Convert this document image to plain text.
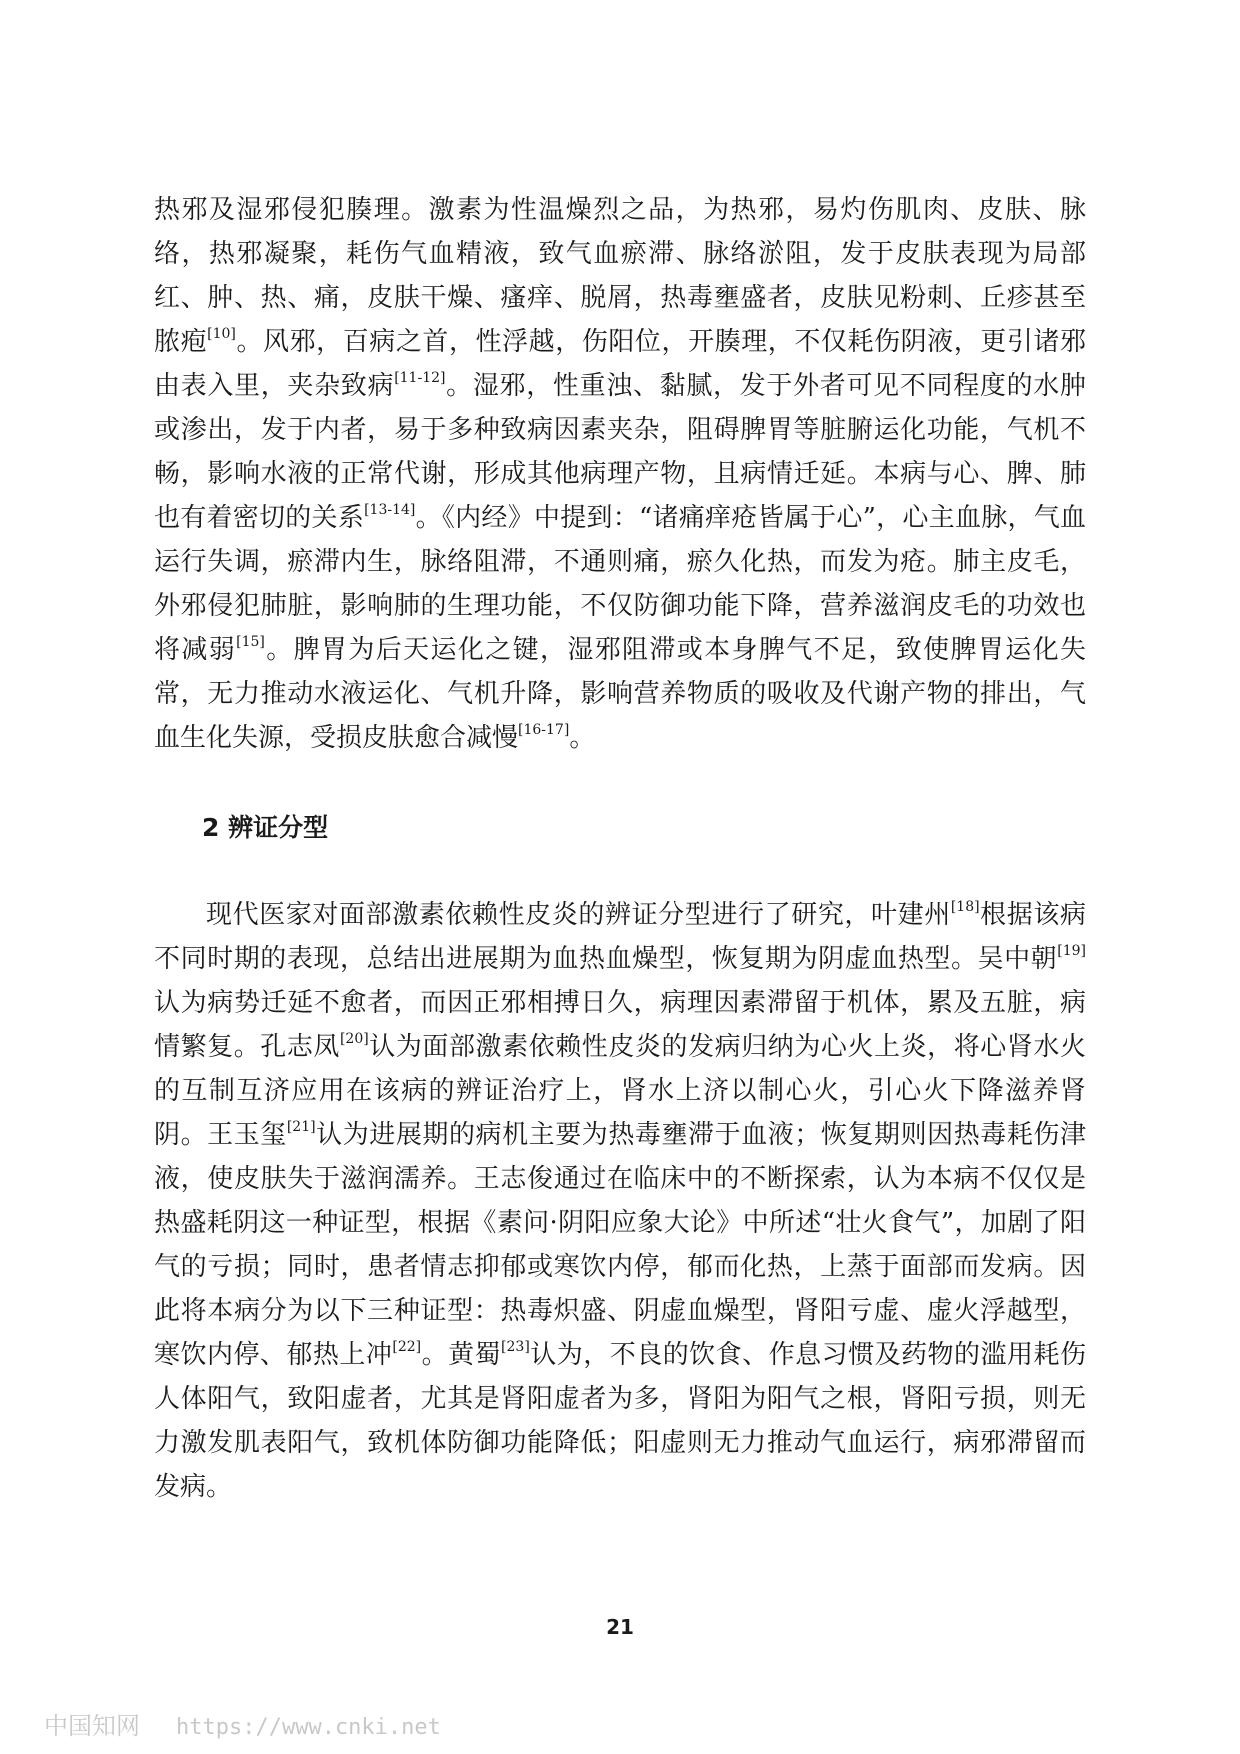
热邪及湿邪侵犯腠理。激素为性温燥烈之品，为热邪，易灼伤肌肉、皮肤、脉络，热邪凝聚，耗伤气血精液，致气血瘀滞、脉络淤阻，发于皮肤表现为局部红、肿、热、痛，皮肤干燥、瘙痒、脱屑，热毒壅盛者，皮肤见粉刺、丘疹甚至脓疱[10]。风邪，百病之首，性浮越，伤阳位，开腠理，不仅耗伤阴液，更引诸邪由表入里，夹杂致病[11-12]。湿邪，性重浊、黏腻，发于外者可见不同程度的水肿或渗出，发于内者，易于多种致病因素夹杂，阻碍脾胃等脏腑运化功能，气机不畅，影响水液的正常代谢，形成其他病理产物，且病情迁延。本病与心、脾、肺也有着密切的关系[13-14]。《内经》中提到：“诸痛痒疮皆属于心”，心主血脉，气血运行失调，瘀滞内生，脉络阻滞，不通则痛，瘀久化热，而发为疮。肺主皮毛，外邪侵犯肺脏，影响肺的生理功能，不仅防御功能下降，营养滋润皮毛的功效也将减弱[15]。脾胃为后天运化之键，湿邪阻滞或本身脾气不足，致使脾胃运化失常，无力推动水液运化、气机升降，影响营养物质的吸收及代谢产物的排出，气血生化失源，受损皮肤愈合减慢[16-17]。

2 辨证分型

现代医家对面部激素依赖性皮炎的辨证分型进行了研究，叶建州[18]根据该病不同时期的表现，总结出进展期为血热血燥型，恢复期为阴虚血热型。吴中朝[19] 认为病势迁延不愈者，而因正邪相搏日久，病理因素滞留于机体，累及五脏，病情繁复。孔志凤[20]认为面部激素依赖性皮炎的发病归纳为心火上炎，将心肾水火的互制互济应用在该病的辨证治疗上，肾水上济以制心火，引心火下降滋养肾阴。王玉玺[21]认为进展期的病机主要为热毒壅滞于血液；恢复期则因热毒耗伤津液，使皮肤失于滋润濡养。王志俊通过在临床中的不断探索，认为本病不仅仅是热盛耗阴这一种证型，根据《素问·阴阳应象大论》中所述“壮火食气”，加剧了阳气的亏损；同时，患者情志抑郁或寒饮内停，郁而化热，上蒸于面部而发病。因此将本病分为以下三种证型：热毒炽盛、阴虚血燥型，肾阳亏虚、虚火浮越型，寒饮内停、郁热上冲[22]。黄蜀[23]认为，不良的饮食、作息习惯及药物的滥用耗伤人体阳气，致阳虚者，尤其是肾阳虚者为多，肾阳为阳气之根，肾阳亏损，则无力激发肌表阳气，致机体防御功能降低；阳虚则无力推动气血运行，病邪滞留而发病。

21
中国知网 https://www.cnki.net
